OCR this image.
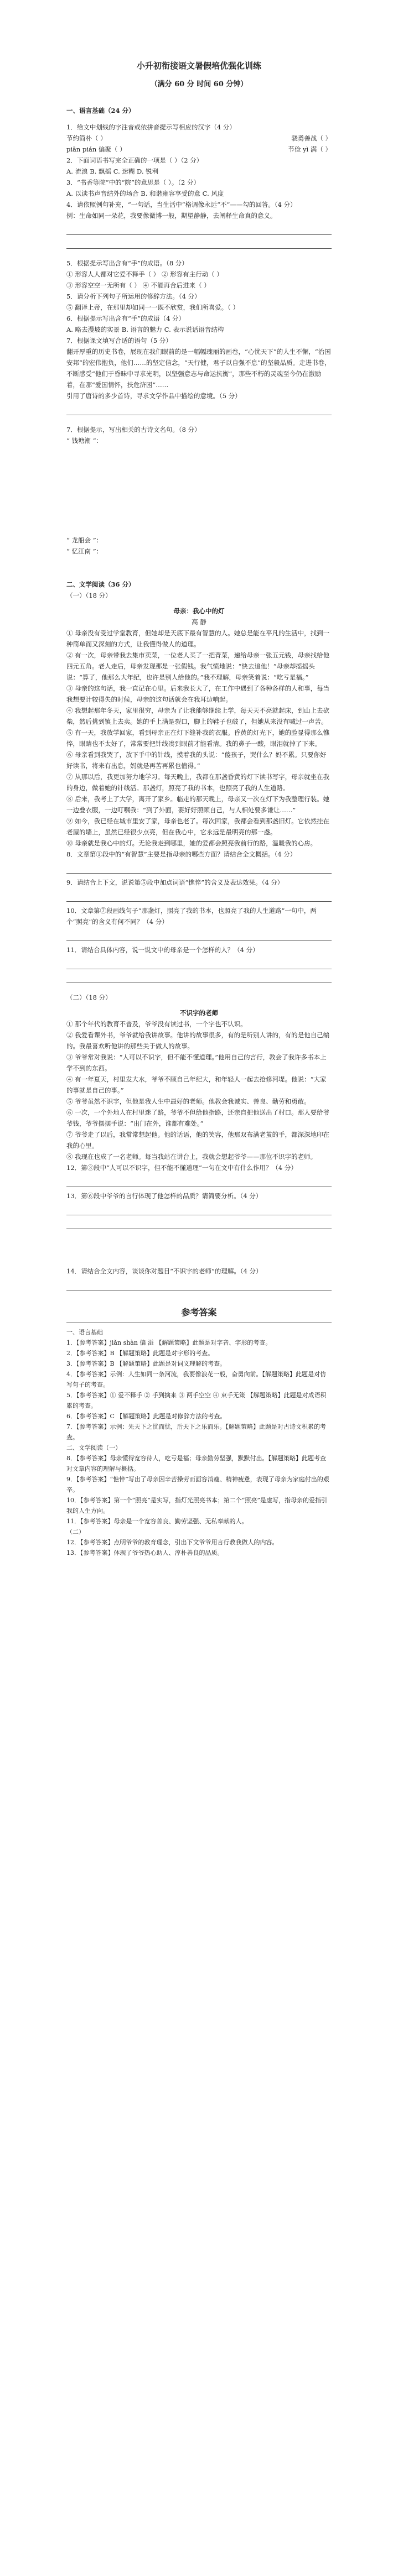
小升初衔接语文暑假培优强化训练

（满分 60 分 时间 60 分钟）

一、语言基础（24 分）

1．给文中划线的字注音或依拼音提示写相应的汉字（4 分）

节约简朴（ ）	骁勇善战（ ）

piān pián 偏聚（ ）	节俭 yì 满（ ）

2．下面词语书写完全正确的一项是（ ）（2 分）

A. 流浪 B. 飘摇 C. 迷糊 D. 锐利

3．“书香等院”中的“院”的意思是（ ）。（2 分）

A. 以读书声音结外的场合 B. 和谐雍容享受的意 C. 风度

4．请依照例句补充，“一句话，当生活中”格调像永远“不”——勾的回答。（4 分）

例：生命如同一朵花，我要像微博一般，期望静静，去阐释生命真的意义。

5．根据提示写出含有“手”的成语。（8 分）

① 形容人人都对它爱不释手（ ） ② 形容有主行动（ ）

③ 形容空空一无所有（ ） ④ 不能再合后进来（ ）

5．请分析下列句子所运用的修辞方法。（4 分）

⑤ 翻译上帝，在那里却如同一一既不欣赏，我们所喜爱。（ ）

6．根据提示写出含有“手”的成语（4 分）

A. 略去漫坡的实景 B. 语言的魅力 C. 表示说话语音结构

7．根据课文填写合适的语句（5 分）

翻开厚重的历史书卷，展现在我们眼前的是一幅幅瑰丽的画卷，“心忧天下”的人生不懈，“治国安邦”的宏伟抱负，他们……的坚定信念，“天行健，君子以自强不息”的坚毅品质。走进书卷，不断感受“他们于昏昧中寻求光明，以坚强意志与命运抗衡”，那些不朽的灵魂至今仍在激励着，在那“爱国情怀，扶危济困”……

引用了唐诗的多少首诗，寻求文学作品中描绘的意境。（5 分）

7．根据提示，写出相关的古诗文名句。（8 分）

“ 钱塘潮 ”：

“ 龙船会 ”：

“ 忆江南 ”：

二、文学阅读（36 分）

（一）（18 分）

母亲：我心中的灯

高 静

① 母亲没有受过学堂教育，但她却是天底下最有智慧的人。她总是能在平凡的生活中，找到一种简单而又深刻的方式，让我懂得做人的道理。

② 有一次，母亲带我去集市卖菜，一位老人买了一把青菜，递给母亲一张五元钱，母亲找给他四元五角。老人走后，母亲发现那是一张假钱。我气愤地说：“快去追他！”母亲却摇摇头说：“算了，他那么大年纪，也许是别人给他的。”我不理解，母亲笑着说：“吃亏是福。”

③ 母亲的这句话，我一直记在心里。后来我长大了，在工作中遇到了各种各样的人和事，每当我想要计较得失的时候，母亲的这句话就会在我耳边响起。

④ 我想起那年冬天，家里很穷，母亲为了让我能够继续上学，每天天不亮就起床，到山上去砍柴，然后挑到镇上去卖。她的手上满是裂口，脚上的鞋子也破了，但她从来没有喊过一声苦。

⑤ 有一天，我放学回家，看到母亲正在灯下缝补我的衣服。昏黄的灯光下，她的脸显得那么憔悴，眼睛也不太好了，常常要把针线凑到眼前才能看清。我的鼻子一酸，眼泪就掉了下来。

⑥ 母亲看到我哭了，放下手中的针线，摸着我的头说：“傻孩子，哭什么？妈不累。只要你好好读书，将来有出息，妈就是再苦再累也值得。”

⑦ 从那以后，我更加努力地学习。每天晚上，我都在那盏昏黄的灯下读书写字，母亲就坐在我的身边，做着她的针线活。那盏灯，照亮了我的书本，也照亮了我的人生道路。

⑧ 后来，我考上了大学，离开了家乡。临走的那天晚上，母亲又一次在灯下为我整理行装。她一边叠衣服，一边叮嘱我：“到了外面，要好好照顾自己，与人相处要多谦让……”

⑨ 如今，我已经在城市里安了家，母亲也老了。每次回家，我都会看到那盏旧灯。它依然挂在老屋的墙上，虽然已经很少点亮，但在我心中，它永远是最明亮的那一盏。

⑩ 母亲就是我心中的灯。无论我走到哪里，她的爱都会照亮我前行的路，温暖我的心房。

8．文章第①段中的“有智慧”主要是指母亲的哪些方面？请结合全文概括。（4 分）

9．请结合上下文，说说第⑤段中加点词语“憔悴”的含义及表达效果。（4 分）

10．文章第⑦段画线句子“那盏灯，照亮了我的书本，也照亮了我的人生道路”一句中，两个“照亮”的含义有何不同？（4 分）

11．请结合具体内容，说一说文中的母亲是一个怎样的人？（4 分）

（二）（18 分）

不识字的老师

① 那个年代的教育不普及，爷爷没有读过书，一个字也不认识。

② 我爱看课外书，爷爷就给我讲故事。他讲的故事很多，有的是听别人讲的，有的是他自己编的。我最喜欢听他讲的那些关于做人的故事。

③ 爷爷常对我说：“人可以不识字，但不能不懂道理。”他用自己的言行，教会了我许多书本上学不到的东西。

④ 有一年夏天，村里发大水，爷爷不顾自己年纪大，和年轻人一起去抢修河堤。他说：“大家的事就是自己的事。”

⑤ 爷爷虽然不识字，但他是我人生中最好的老师。他教会我诚实、善良、勤劳和勇敢。

⑥ 一次，一个外地人在村里迷了路，爷爷不但给他指路，还亲自把他送出了村口。那人要给爷爷钱，爷爷摆摆手说：“出门在外，谁都有难处。”

⑦ 爷爷走了以后，我常常想起他。他的话语，他的笑容，他那双布满老茧的手，都深深地印在我的心里。

⑧ 我现在也成了一名老师。每当我站在讲台上，我就会想起爷爷——那位不识字的老师。

12．第③段中“人可以不识字，但不能不懂道理”一句在文中有什么作用？（4 分）

13．第⑥段中爷爷的言行体现了他怎样的品质？请简要分析。（4 分）

14．请结合全文内容，谈谈你对题目“不识字的老师”的理解。（4 分）

参考答案

一、语言基础

1．【参考答案】jiǎn shàn 偏 溢 【解题策略】此题是对字音、字形的考查。

2．【参考答案】B 【解题策略】此题是对字形的考查。

3．【参考答案】B 【解题策略】此题是对词义理解的考查。

4．【参考答案】示例：人生如同一条河流，我要像浪花一般，奋勇向前。【解题策略】此题是对仿写句子的考查。

5．【参考答案】① 爱不释手 ② 手到擒来 ③ 两手空空 ④ 束手无策 【解题策略】此题是对成语积累的考查。

6．【参考答案】C 【解题策略】此题是对修辞方法的考查。

7．【参考答案】示例：先天下之忧而忧，后天下之乐而乐。【解题策略】此题是对古诗文积累的考查。

二、文学阅读（一）

8．【参考答案】母亲懂得宽容待人，吃亏是福；母亲勤劳坚强，默默付出。【解题策略】此题考查对文章内容的理解与概括。

9．【参考答案】“憔悴”写出了母亲因辛苦操劳而面容消瘦、精神疲惫，表现了母亲为家庭付出的艰辛。

10．【参考答案】第一个“照亮”是实写，指灯光照亮书本；第二个“照亮”是虚写，指母亲的爱指引我的人生方向。

11．【参考答案】母亲是一个宽容善良、勤劳坚强、无私奉献的人。

（二）

12．【参考答案】点明爷爷的教育理念，引出下文爷爷用言行教我做人的内容。

13．【参考答案】体现了爷爷热心助人、淳朴善良的品质。
